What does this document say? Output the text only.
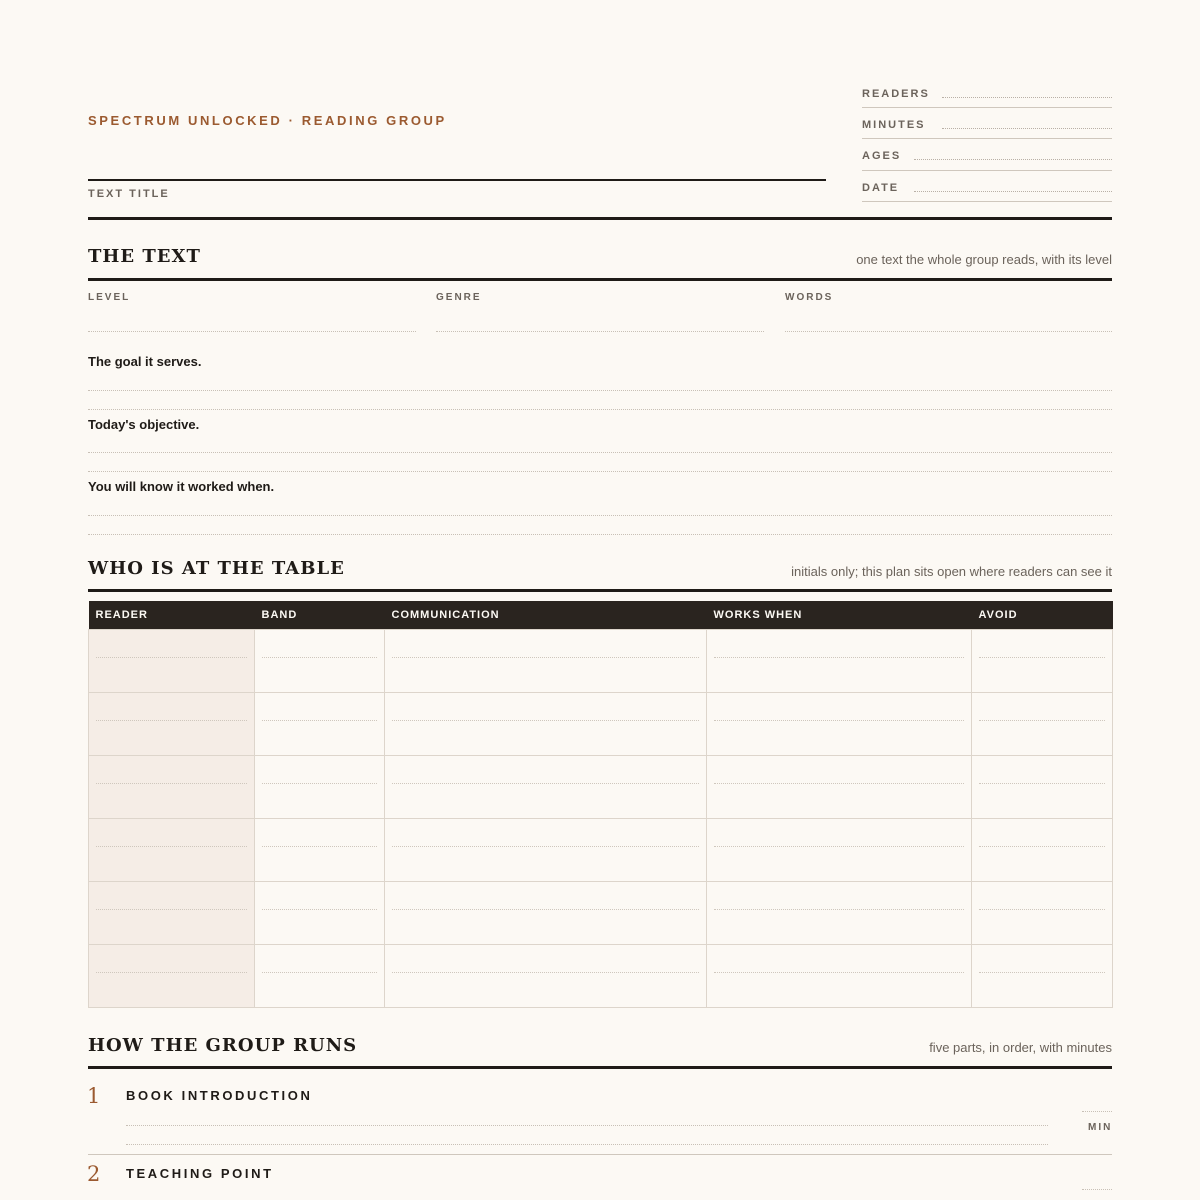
SPECTRUM UNLOCKED · READING GROUP
TEXT TITLE
READERS
MINUTES
AGES
DATE
THE TEXT	one text the whole group reads, with its level
LEVEL	GENRE	WORDS
The goal it serves.
Today's objective.
You will know it worked when.
WHO IS AT THE TABLE	initials only; this plan sits open where readers can see it
READER	BAND	COMMUNICATION	WORKS WHEN	AVOID

HOW THE GROUP RUNS	five parts, in order, with minutes
1 BOOK INTRODUCTION
MIN
2 TEACHING POINT
